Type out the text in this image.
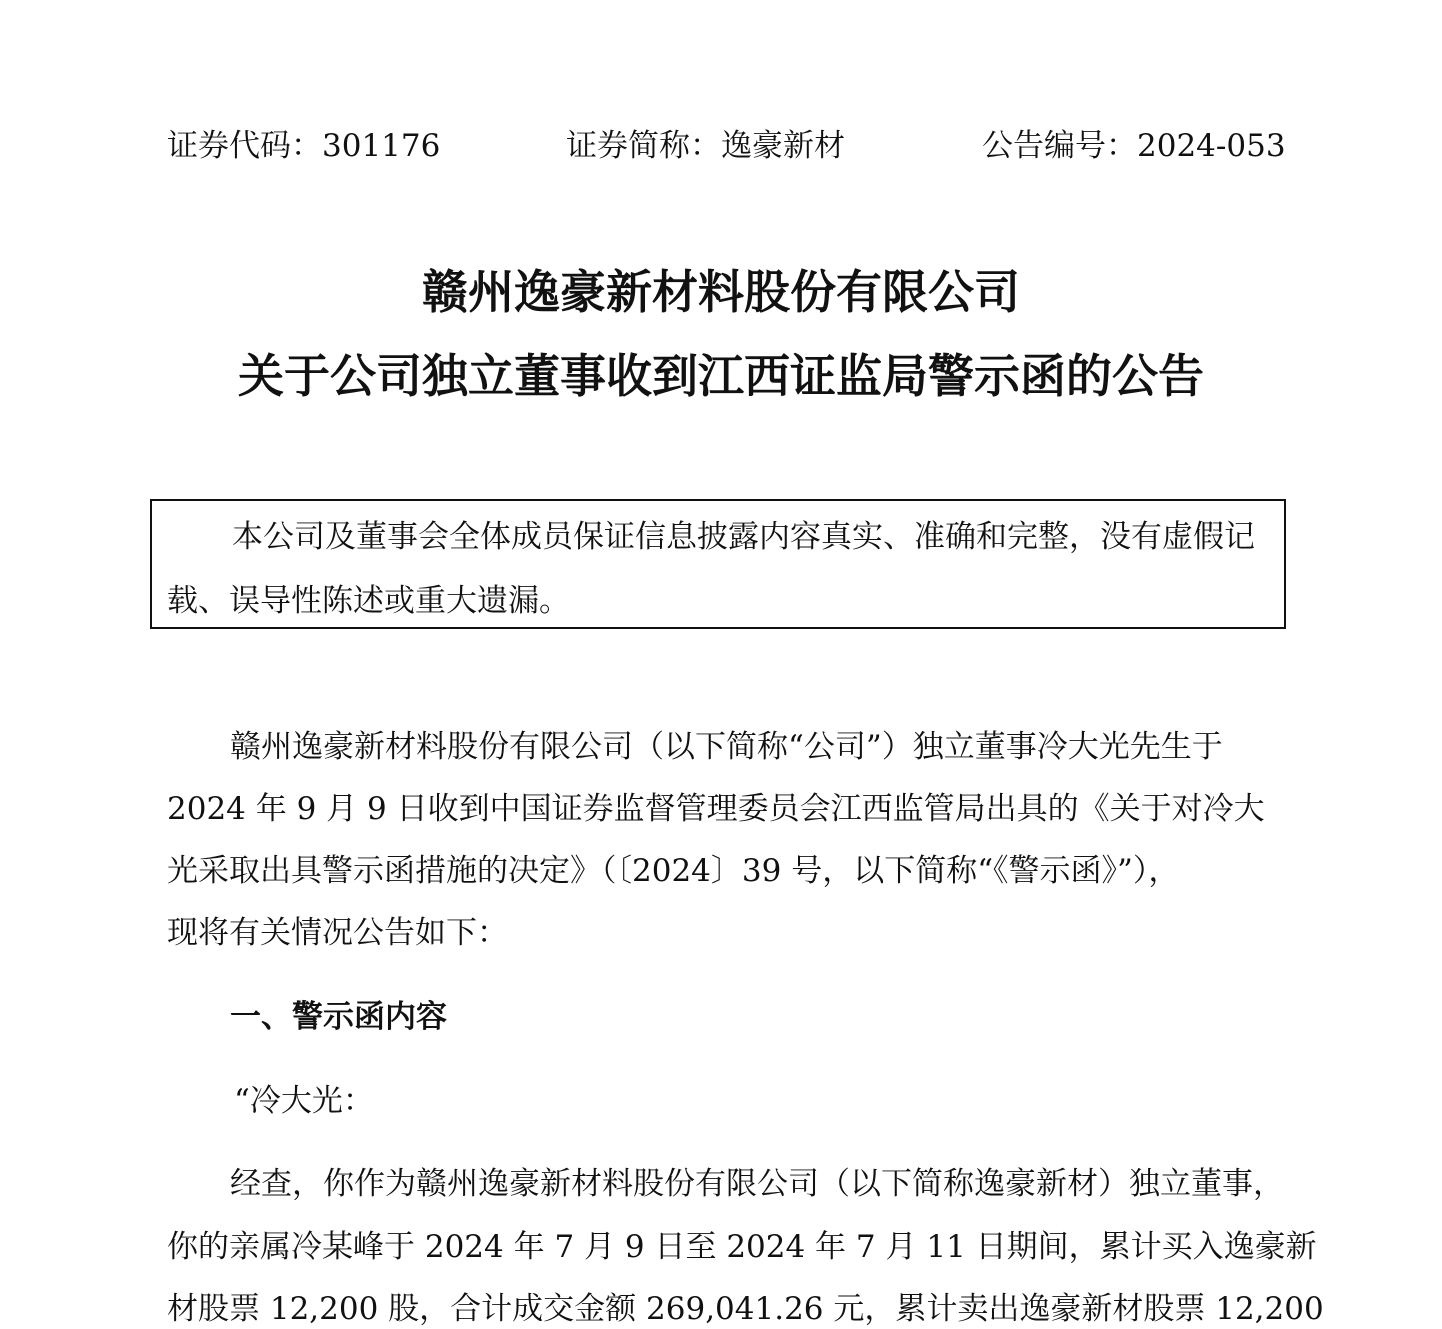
证券代码：301176	证券简称：逸豪新材	公告编号：2024-053
赣州逸豪新材料股份有限公司
关于公司独立董事收到江西证监局警示函的公告
本公司及董事会全体成员保证信息披露内容真实、准确和完整，没有虚假记
载、误导性陈述或重大遗漏。
赣州逸豪新材料股份有限公司（以下简称“公司”）独立董事冷大光先生于
2024 年 9 月 9 日收到中国证券监督管理委员会江西监管局出具的《关于对冷大
光采取出具警示函措施的决定》（〔2024〕39 号，以下简称“《警示函》”），
现将有关情况公告如下：
一、警示函内容
“冷大光：
经查，你作为赣州逸豪新材料股份有限公司（以下简称逸豪新材）独立董事，
你的亲属冷某峰于 2024 年 7 月 9 日至 2024 年 7 月 11 日期间，累计买入逸豪新
材股票 12,200 股，合计成交金额 269,041.26 元，累计卖出逸豪新材股票 12,200
